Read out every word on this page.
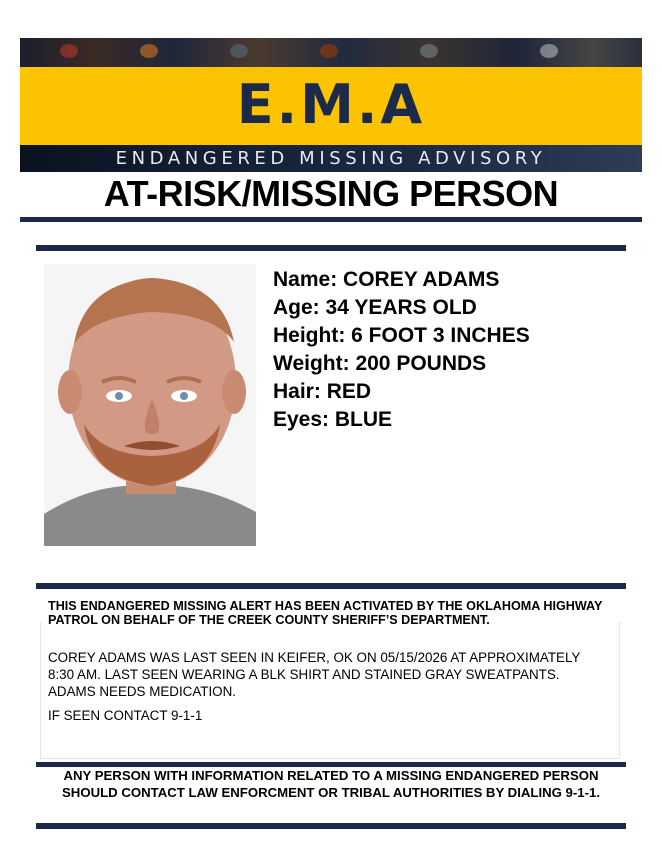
E.M.A
ENDANGERED MISSING ADVISORY
AT-RISK/MISSING PERSON
Name: COREY ADAMS
Age: 34 YEARS OLD
Height: 6 FOOT 3 INCHES
Weight: 200 POUNDS
Hair: RED
Eyes: BLUE
THIS ENDANGERED MISSING ALERT HAS BEEN ACTIVATED BY THE OKLAHOMA HIGHWAY PATROL ON BEHALF OF THE CREEK COUNTY SHERIFF’S DEPARTMENT.
COREY ADAMS WAS LAST SEEN IN KEIFER, OK ON 05/15/2026 AT APPROXIMATELY 8:30 AM. LAST SEEN WEARING A BLK SHIRT AND STAINED GRAY SWEATPANTS. ADAMS NEEDS MEDICATION.
IF SEEN CONTACT 9-1-1
ANY PERSON WITH INFORMATION RELATED TO A MISSING ENDANGERED PERSON SHOULD CONTACT LAW ENFORCMENT OR TRIBAL AUTHORITIES BY DIALING 9-1-1.
